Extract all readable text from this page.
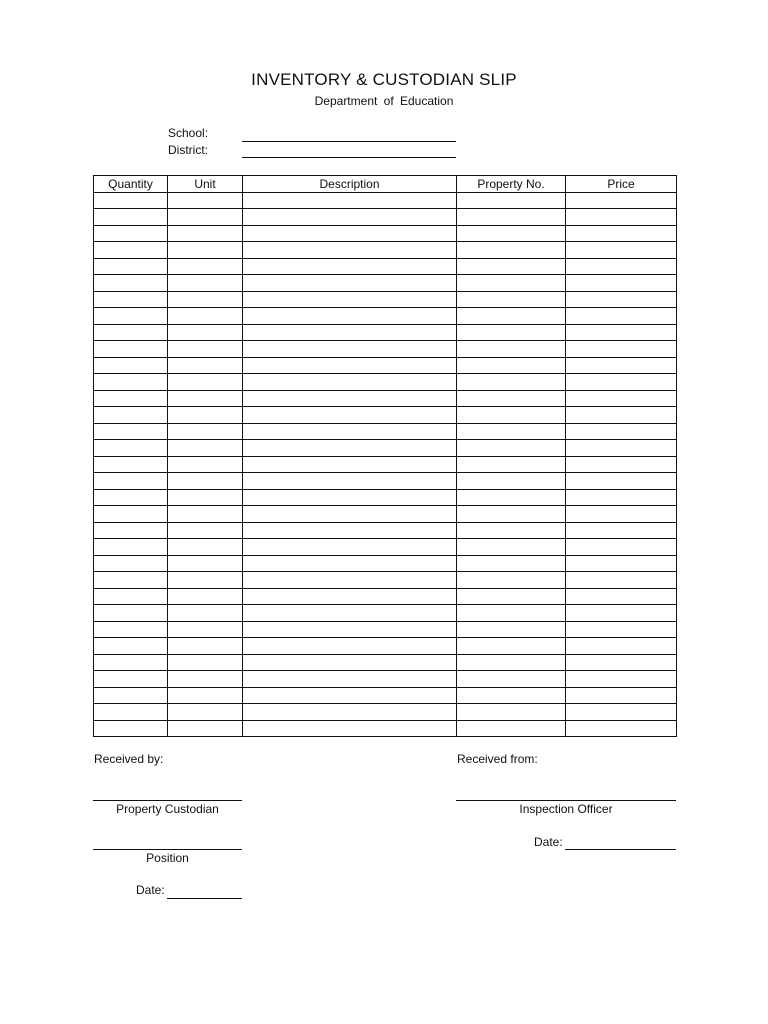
INVENTORY & CUSTODIAN SLIP
Department of Education
School:
District:
Quantity	Unit	Description	Property No.	Price

Received by:	Received from:
Property Custodian	Inspection Officer
Date:
Position
Date:
